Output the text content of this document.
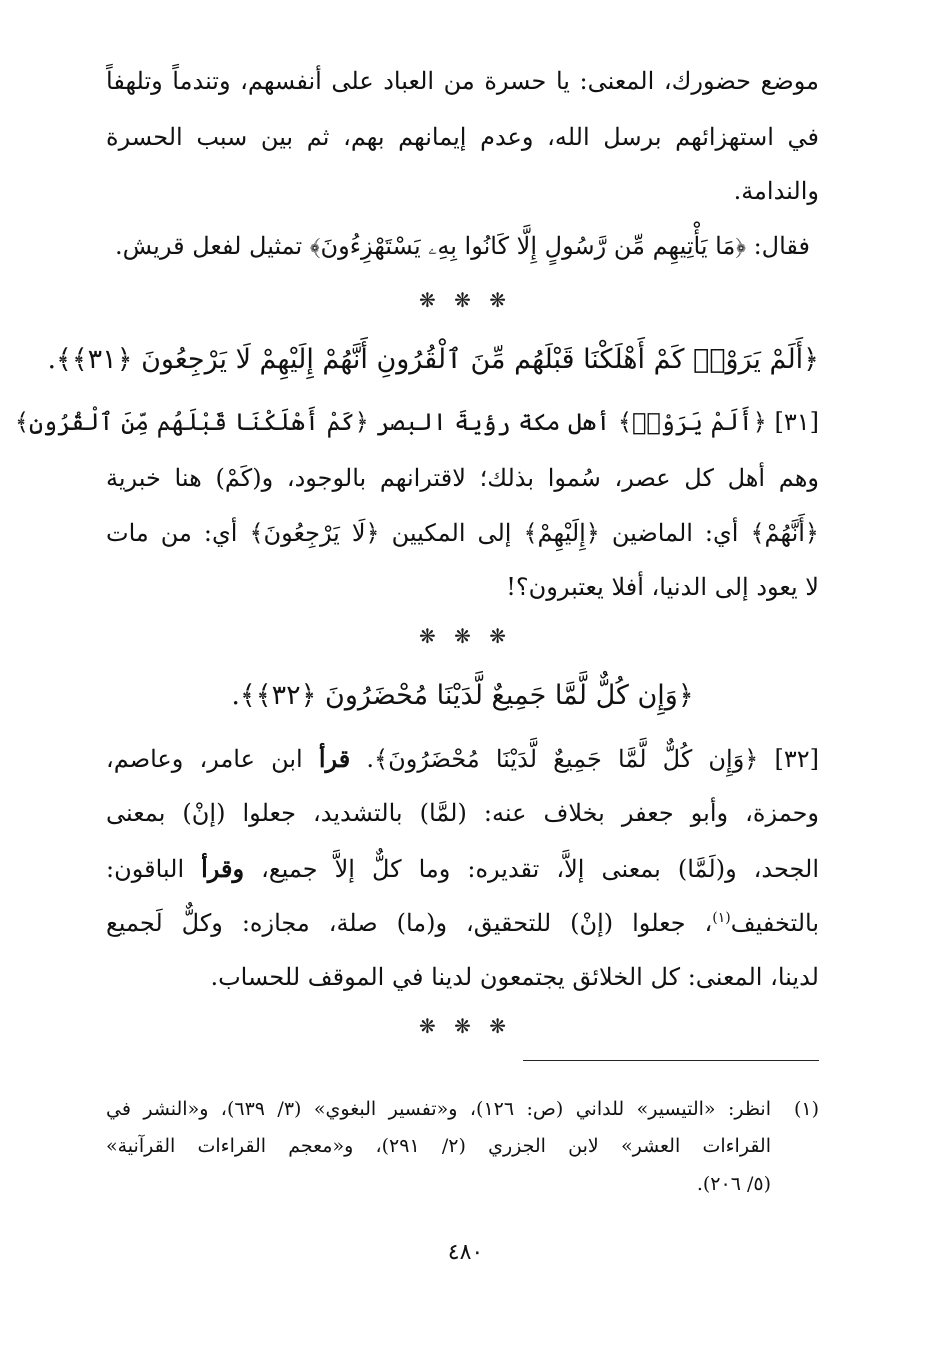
موضع حضورك، المعنى: يا حسرة من العباد على أنفسهم، وتندماً وتلهفاً
في استهزائهم برسل الله، وعدم إيمانهم بهم، ثم بين سبب الحسرة
والندامة.
فقال: ﴿مَا يَأْتِيهِم مِّن رَّسُولٍ إِلَّا كَانُوا بِهِۦ يَسْتَهْزِءُونَ﴾ تمثيل لفعل قريش.
❋ ❋ ❋
﴿أَلَمْ يَرَوْا۟ كَمْ أَهْلَكْنَا قَبْلَهُم مِّنَ ٱلْقُرُونِ أَنَّهُمْ إِلَيْهِمْ لَا يَرْجِعُونَ ﴿٣١﴾﴾.
[٣١] ﴿أَلَمْ يَرَوْا۟﴾ أهل مكة رؤيةَ البصر ﴿كَمْ أَهْلَكْنَا قَبْلَهُم مِّنَ ٱلْقُرُونِ﴾
وهم أهل كل عصر، سُموا بذلك؛ لاقترانهم بالوجود، و(كَمْ) هنا خبرية
﴿أَنَّهُمْ﴾ أي: الماضين ﴿إِلَيْهِمْ﴾ إلى المكيين ﴿لَا يَرْجِعُونَ﴾ أي: من مات
لا يعود إلى الدنيا، أفلا يعتبرون؟!
❋ ❋ ❋
﴿وَإِن كُلٌّ لَّمَّا جَمِيعٌ لَّدَيْنَا مُحْضَرُونَ ﴿٣٢﴾﴾.
[٣٢] ﴿وَإِن كُلٌّ لَّمَّا جَمِيعٌ لَّدَيْنَا مُحْضَرُونَ﴾. قرأ ابن عامر، وعاصم،
وحمزة، وأبو جعفر بخلاف عنه: (لمَّا) بالتشديد، جعلوا (إنْ) بمعنى
الجحد، و(لَمَّا) بمعنى إلاَّ، تقديره: وما كلٌّ إلاَّ جميع، وقرأ الباقون:
بالتخفيف$^{(١)}$، جعلوا (إنْ) للتحقيق، و(ما) صلة، مجازه: وكلٌّ لَجميع
لدينا، المعنى: كل الخلائق يجتمعون لدينا في الموقف للحساب.
❋ ❋ ❋
(١)
انظر: «التيسير» للداني (ص: ١٢٦)، و«تفسير البغوي» (٣/ ٦٣٩)، و«النشر في
القراءات العشر» لابن الجزري (٢/ ٢٩١)، و«معجم القراءات القرآنية»
(٥/ ٢٠٦).
٤٨٠
